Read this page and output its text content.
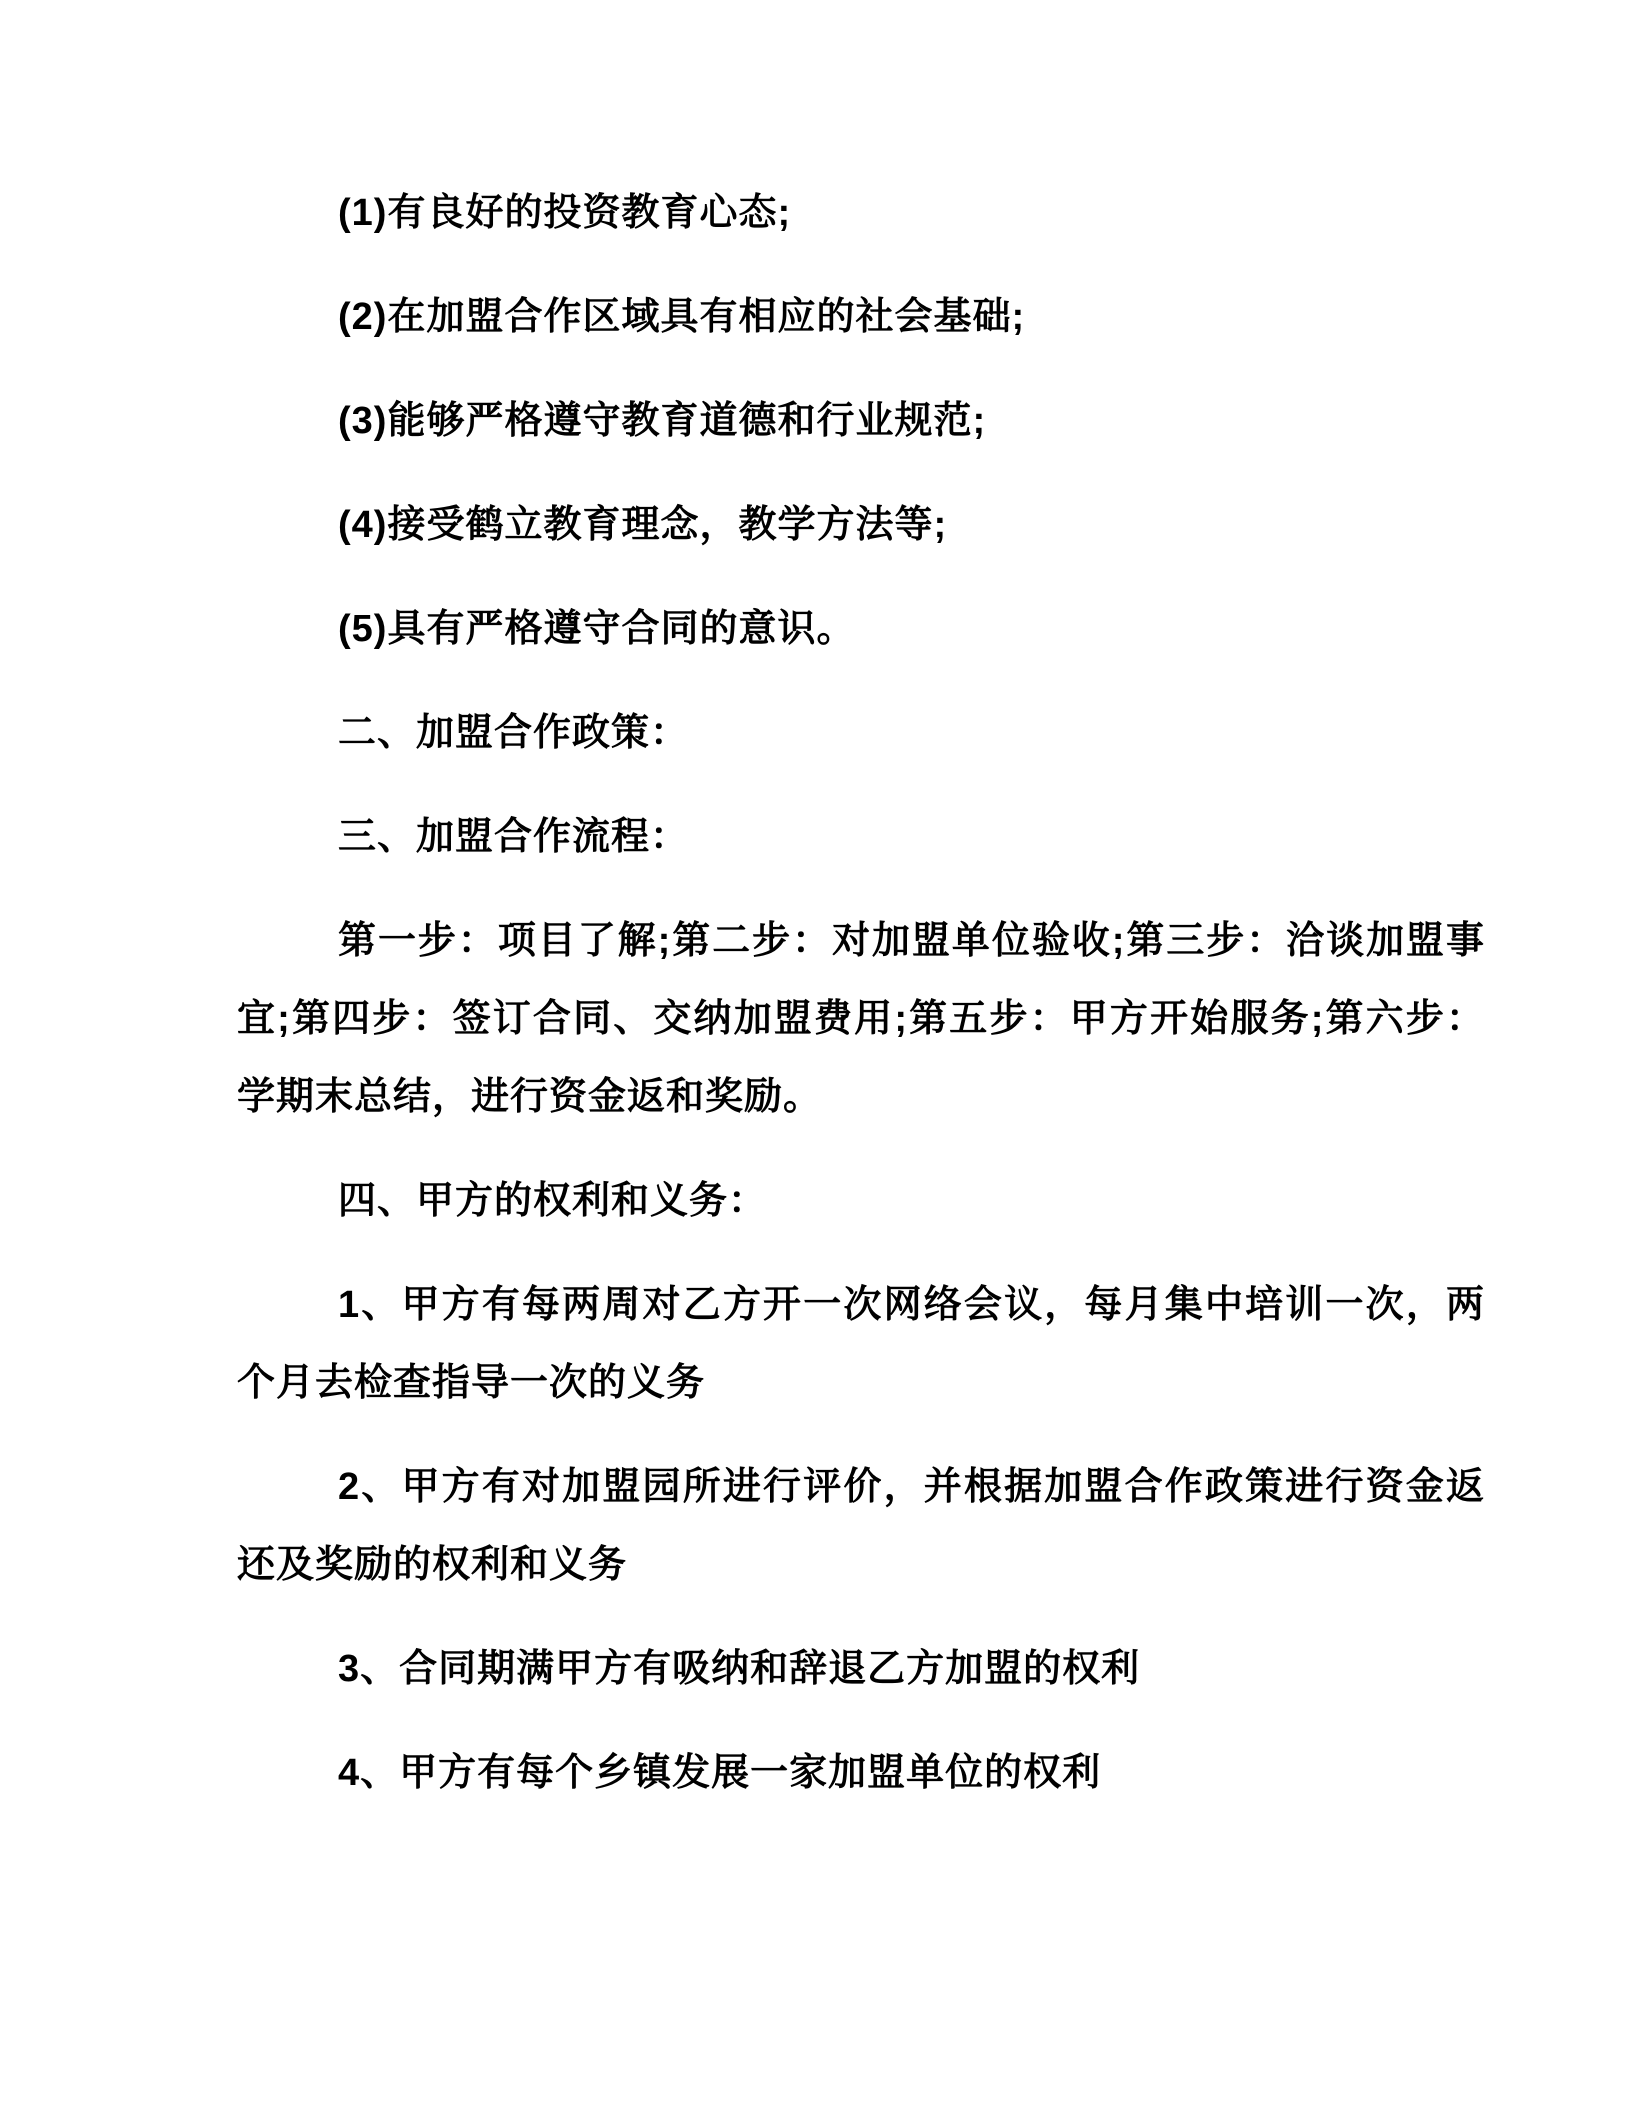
(1)有良好的投资教育心态;

(2)在加盟合作区域具有相应的社会基础;

(3)能够严格遵守教育道德和行业规范;

(4)接受鹤立教育理念，教学方法等;

(5)具有严格遵守合同的意识。

二、加盟合作政策：

三、加盟合作流程：

第一步：项目了解;第二步：对加盟单位验收;第三步：洽谈加盟事宜;第四步：签订合同、交纳加盟费用;第五步：甲方开始服务;第六步：学期末总结，进行资金返和奖励。

四、甲方的权利和义务：

1、甲方有每两周对乙方开一次网络会议，每月集中培训一次，两个月去检查指导一次的义务

2、甲方有对加盟园所进行评价，并根据加盟合作政策进行资金返还及奖励的权利和义务

3、合同期满甲方有吸纳和辞退乙方加盟的权利

4、甲方有每个乡镇发展一家加盟单位的权利
